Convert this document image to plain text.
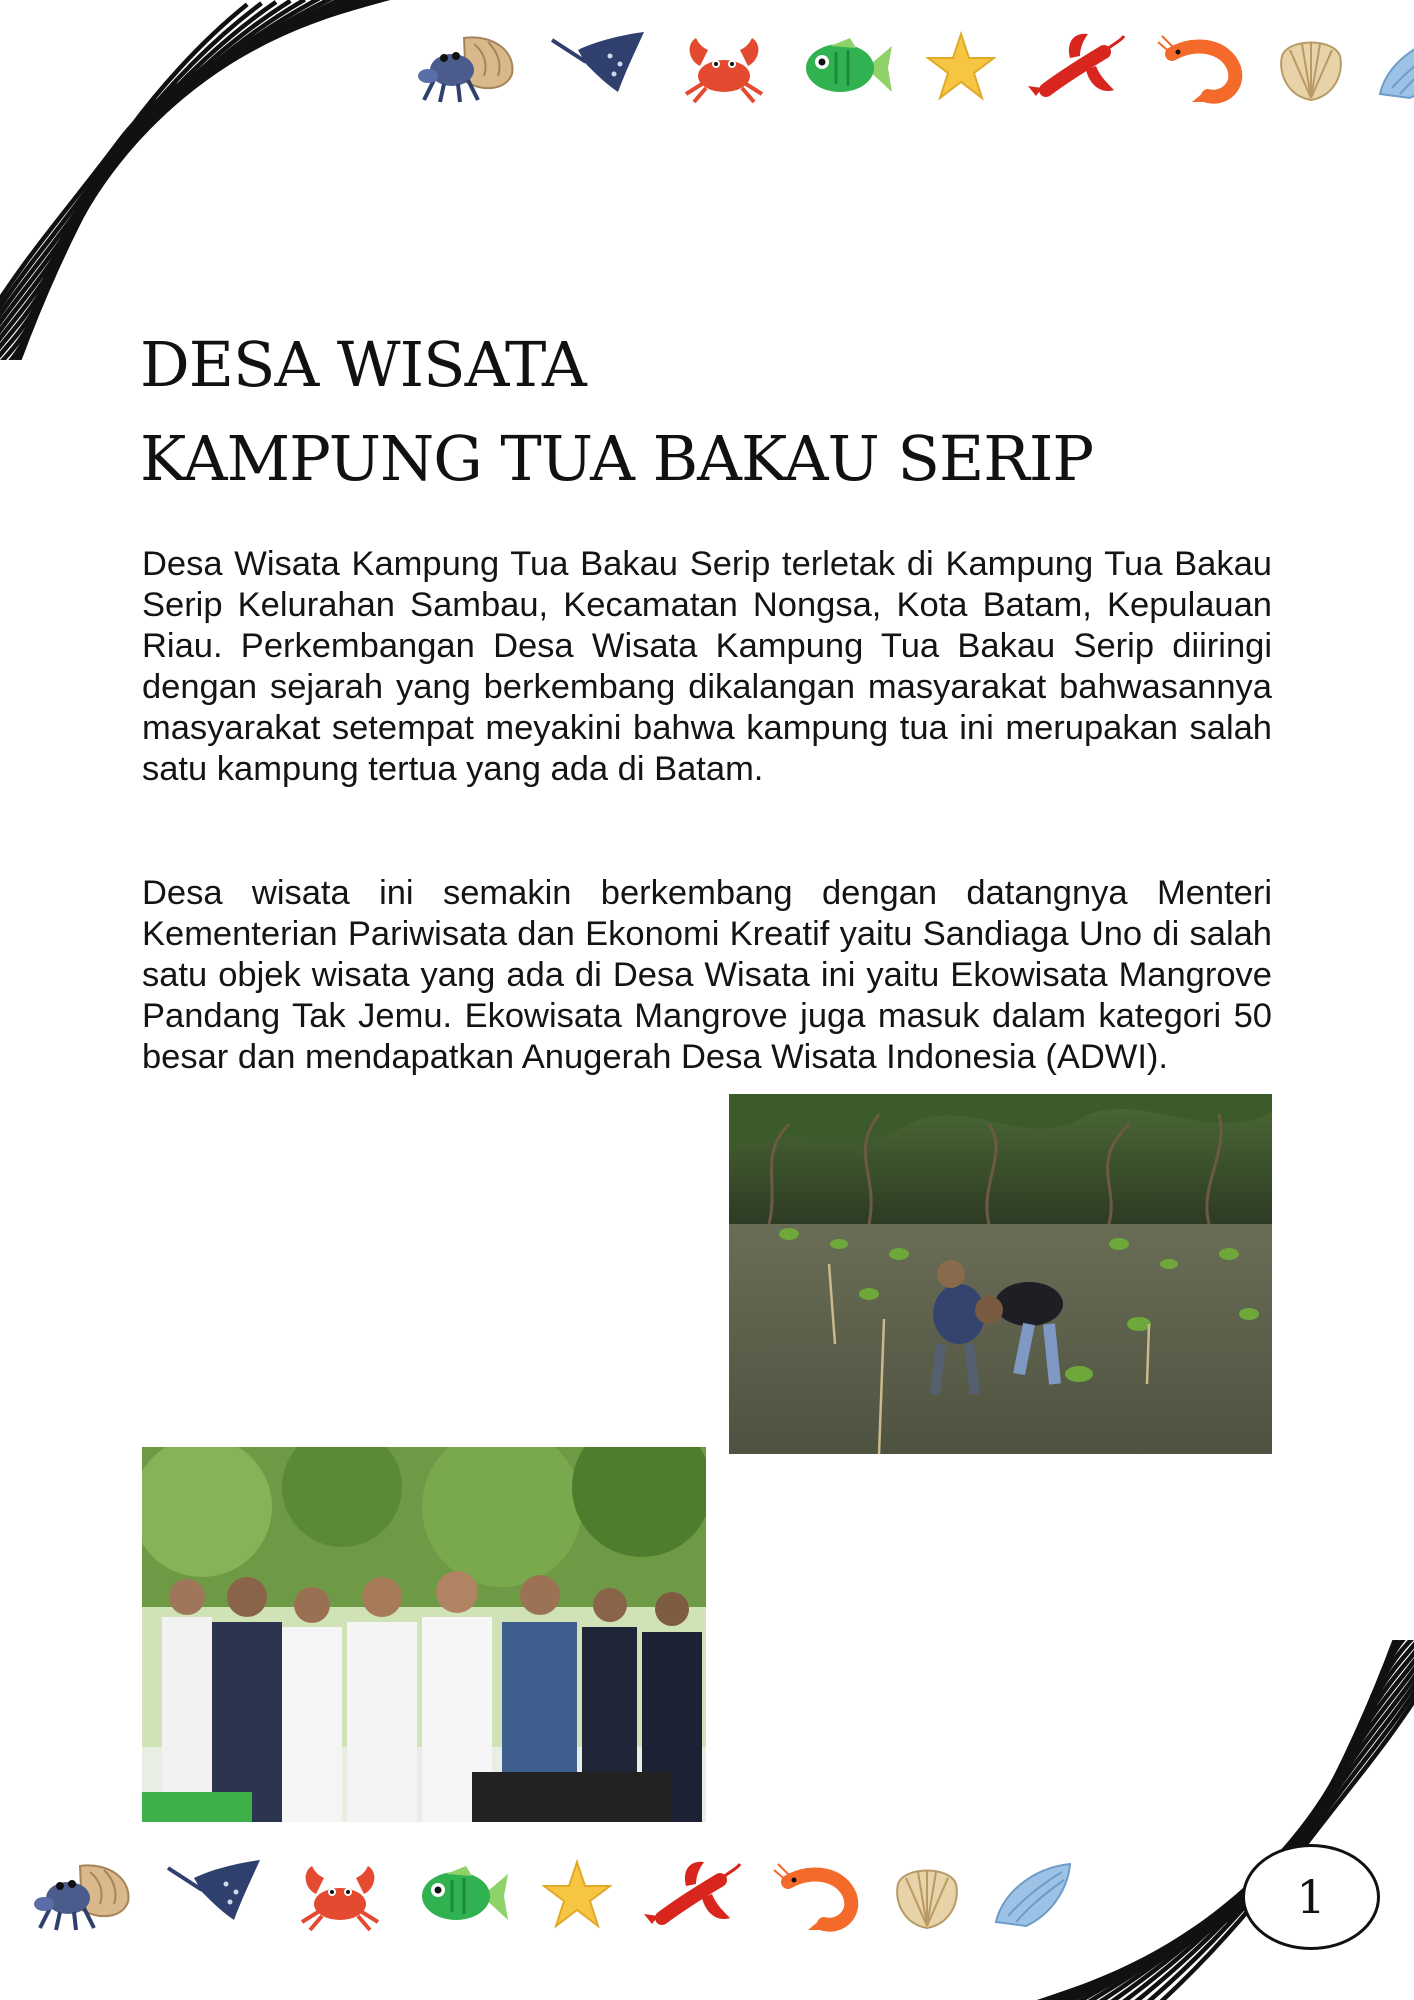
DESA WISATA
KAMPUNG TUA BAKAU SERIP

Desa Wisata Kampung Tua Bakau Serip terletak di Kampung Tua Bakau Serip Kelurahan Sambau, Kecamatan Nongsa, Kota Batam, Kepulauan Riau. Perkembangan Desa Wisata Kampung Tua Bakau Serip diiringi dengan sejarah yang berkembang dikalangan masyarakat bahwasannya masyarakat setempat meyakini bahwa kampung tua ini merupakan salah satu kampung tertua yang ada di Batam.

Desa wisata ini semakin berkembang dengan datangnya Menteri Kementerian Pariwisata dan Ekonomi Kreatif yaitu Sandiaga Uno di salah satu objek wisata yang ada di Desa Wisata ini yaitu Ekowisata Mangrove Pandang Tak Jemu. Ekowisata Mangrove juga masuk dalam kategori 50 besar dan mendapatkan Anugerah Desa Wisata Indonesia (ADWI).

1
